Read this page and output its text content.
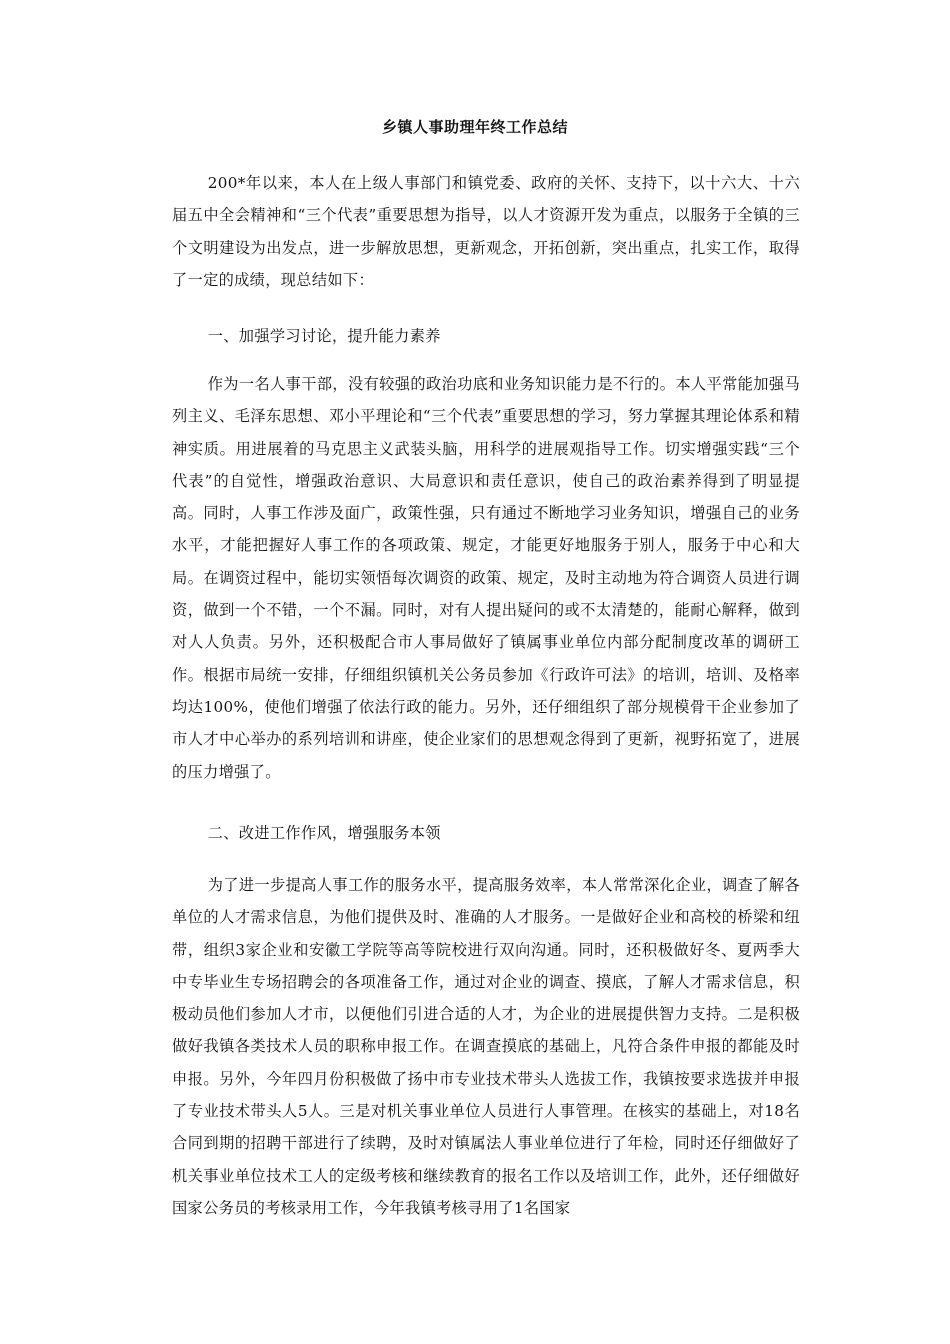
乡镇人事助理年终工作总结

200*年以来，本人在上级人事部门和镇党委、政府的关怀、支持下，以十六大、十六届五中全会精神和“三个代表”重要思想为指导，以人才资源开发为重点，以服务于全镇的三个文明建设为出发点，进一步解放思想，更新观念，开拓创新，突出重点，扎实工作，取得了一定的成绩，现总结如下：

一、加强学习讨论，提升能力素养

作为一名人事干部，没有较强的政治功底和业务知识能力是不行的。本人平常能加强马列主义、毛泽东思想、邓小平理论和“三个代表”重要思想的学习，努力掌握其理论体系和精神实质。用进展着的马克思主义武装头脑，用科学的进展观指导工作。切实增强实践“三个代表”的自觉性，增强政治意识、大局意识和责任意识，使自己的政治素养得到了明显提高。同时，人事工作涉及面广，政策性强，只有通过不断地学习业务知识，增强自己的业务水平，才能把握好人事工作的各项政策、规定，才能更好地服务于别人，服务于中心和大局。在调资过程中，能切实领悟每次调资的政策、规定，及时主动地为符合调资人员进行调资，做到一个不错，一个不漏。同时，对有人提出疑问的或不太清楚的，能耐心解释，做到对人人负责。另外，还积极配合市人事局做好了镇属事业单位内部分配制度改革的调研工作。根据市局统一安排，仔细组织镇机关公务员参加《行政许可法》的培训，培训、及格率均达100%，使他们增强了依法行政的能力。另外，还仔细组织了部分规模骨干企业参加了市人才中心举办的系列培训和讲座，使企业家们的思想观念得到了更新，视野拓宽了，进展的压力增强了。

二、改进工作作风，增强服务本领

为了进一步提高人事工作的服务水平，提高服务效率，本人常常深化企业，调查了解各单位的人才需求信息，为他们提供及时、准确的人才服务。一是做好企业和高校的桥梁和纽带，组织3家企业和安徽工学院等高等院校进行双向沟通。同时，还积极做好冬、夏两季大中专毕业生专场招聘会的各项准备工作，通过对企业的调查、摸底，了解人才需求信息，积极动员他们参加人才市，以便他们引进合适的人才，为企业的进展提供智力支持。二是积极做好我镇各类技术人员的职称申报工作。在调查摸底的基础上，凡符合条件申报的都能及时申报。另外，今年四月份积极做了扬中市专业技术带头人选拔工作，我镇按要求选拔并申报了专业技术带头人5人。三是对机关事业单位人员进行人事管理。在核实的基础上，对18名合同到期的招聘干部进行了续聘，及时对镇属法人事业单位进行了年检，同时还仔细做好了机关事业单位技术工人的定级考核和继续教育的报名工作以及培训工作，此外，还仔细做好国家公务员的考核录用工作，今年我镇考核寻用了1名国家
